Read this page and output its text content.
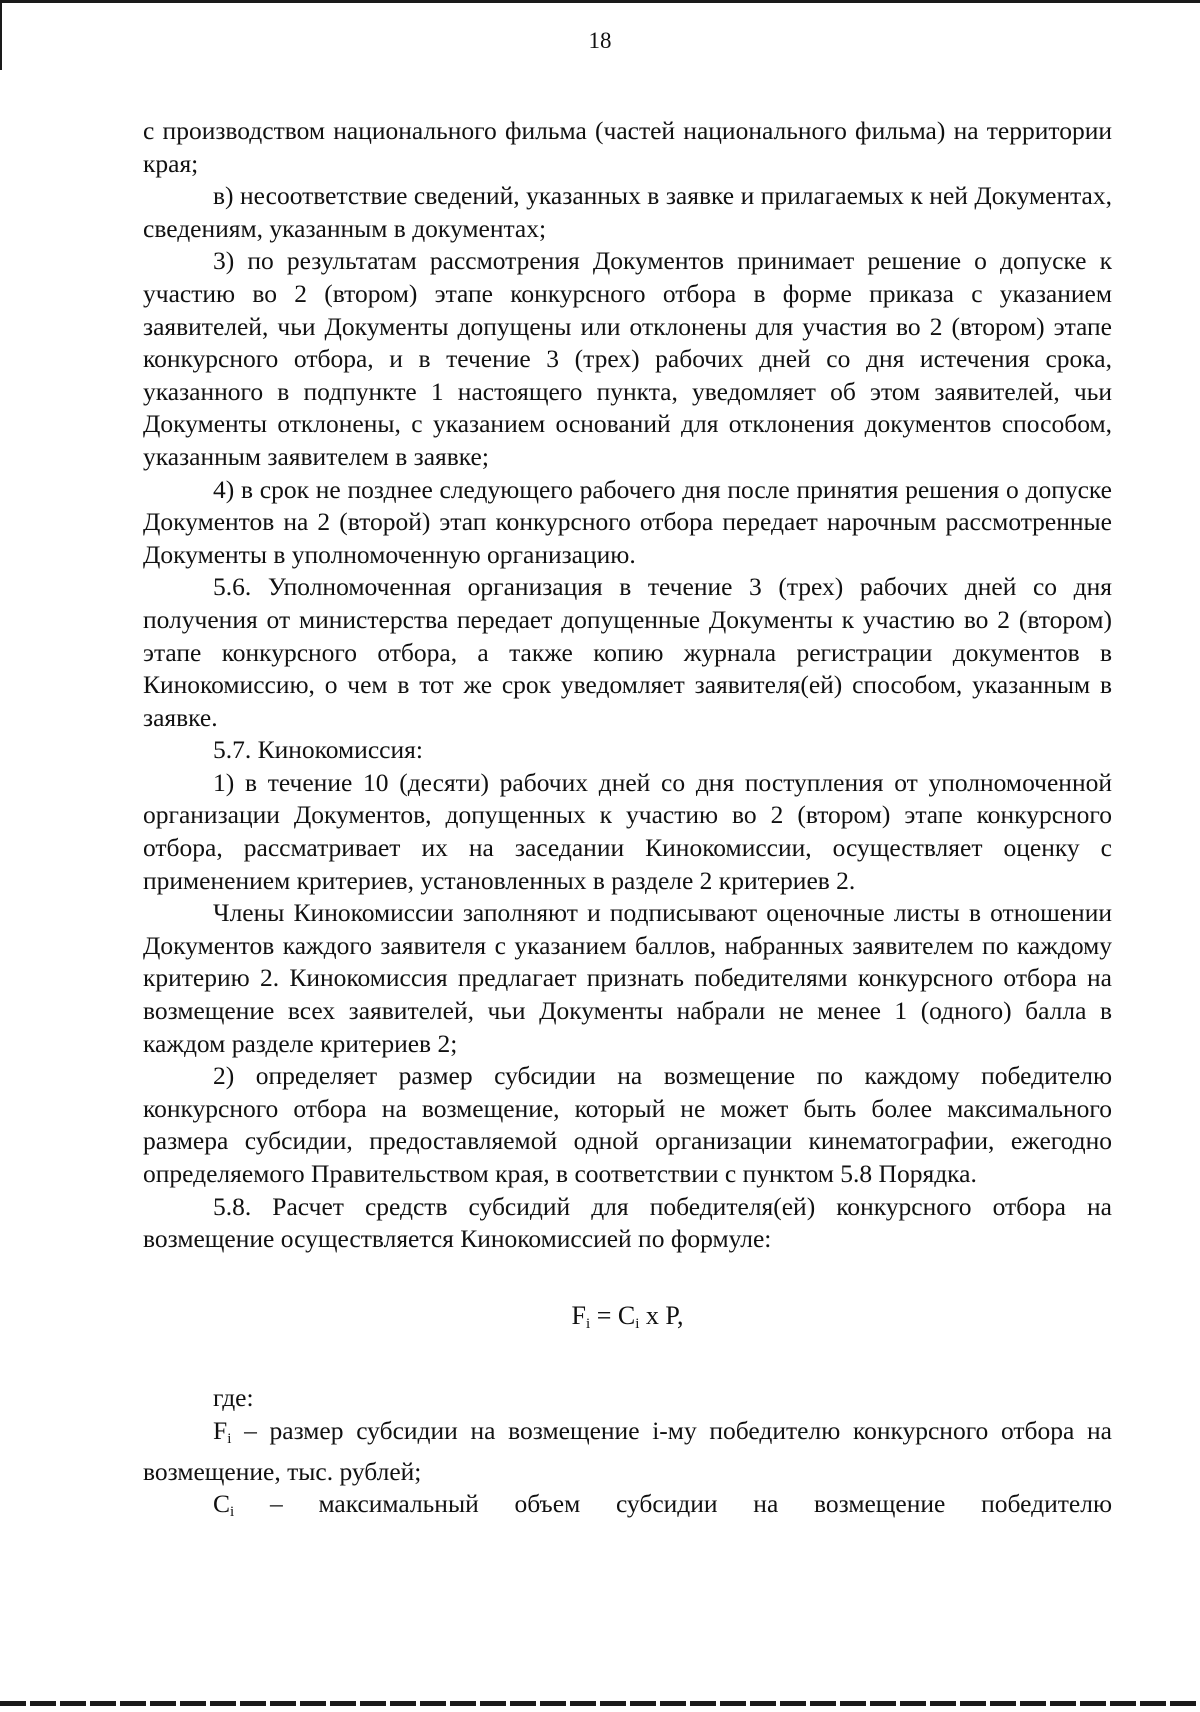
18

с производством национального фильма (частей национального фильма) на территории края;

в) несоответствие сведений, указанных в заявке и прилагаемых к ней Документах, сведениям, указанным в документах;

3) по результатам рассмотрения Документов принимает решение о допуске к участию во 2 (втором) этапе конкурсного отбора в форме приказа с указанием заявителей, чьи Документы допущены или отклонены для участия во 2 (втором) этапе конкурсного отбора, и в течение 3 (трех) рабочих дней со дня истечения срока, указанного в подпункте 1 настоящего пункта, уведомляет об этом заявителей, чьи Документы отклонены, с указанием оснований для отклонения документов способом, указанным заявителем в заявке;

4) в срок не позднее следующего рабочего дня после принятия решения о допуске Документов на 2 (второй) этап конкурсного отбора передает нарочным рассмотренные Документы в уполномоченную организацию.

5.6. Уполномоченная организация в течение 3 (трех) рабочих дней со дня получения от министерства передает допущенные Документы к участию во 2 (втором) этапе конкурсного отбора, а также копию журнала регистрации документов в Кинокомиссию, о чем в тот же срок уведомляет заявителя(ей) способом, указанным в заявке.

5.7. Кинокомиссия:

1) в течение 10 (десяти) рабочих дней со дня поступления от уполномоченной организации Документов, допущенных к участию во 2 (втором) этапе конкурсного отбора, рассматривает их на заседании Кинокомиссии, осуществляет оценку с применением критериев, установленных в разделе 2 критериев 2.

Члены Кинокомиссии заполняют и подписывают оценочные листы в отношении Документов каждого заявителя с указанием баллов, набранных заявителем по каждому критерию 2. Кинокомиссия предлагает признать победителями конкурсного отбора на возмещение всех заявителей, чьи Документы набрали не менее 1 (одного) балла в каждом разделе критериев 2;

2) определяет размер субсидии на возмещение по каждому победителю конкурсного отбора на возмещение, который не может быть более максимального размера субсидии, предоставляемой одной организации кинематографии, ежегодно определяемого Правительством края, в соответствии с пунктом 5.8 Порядка.

5.8. Расчет средств субсидий для победителя(ей) конкурсного отбора на возмещение осуществляется Кинокомиссией по формуле:

$F_i = C_i$ x P,

где:

$F_i$ – размер субсидии на возмещение i-му победителю конкурсного отбора на возмещение, тыс. рублей;

$C_i$ – максимальный объем субсидии на возмещение победителю
